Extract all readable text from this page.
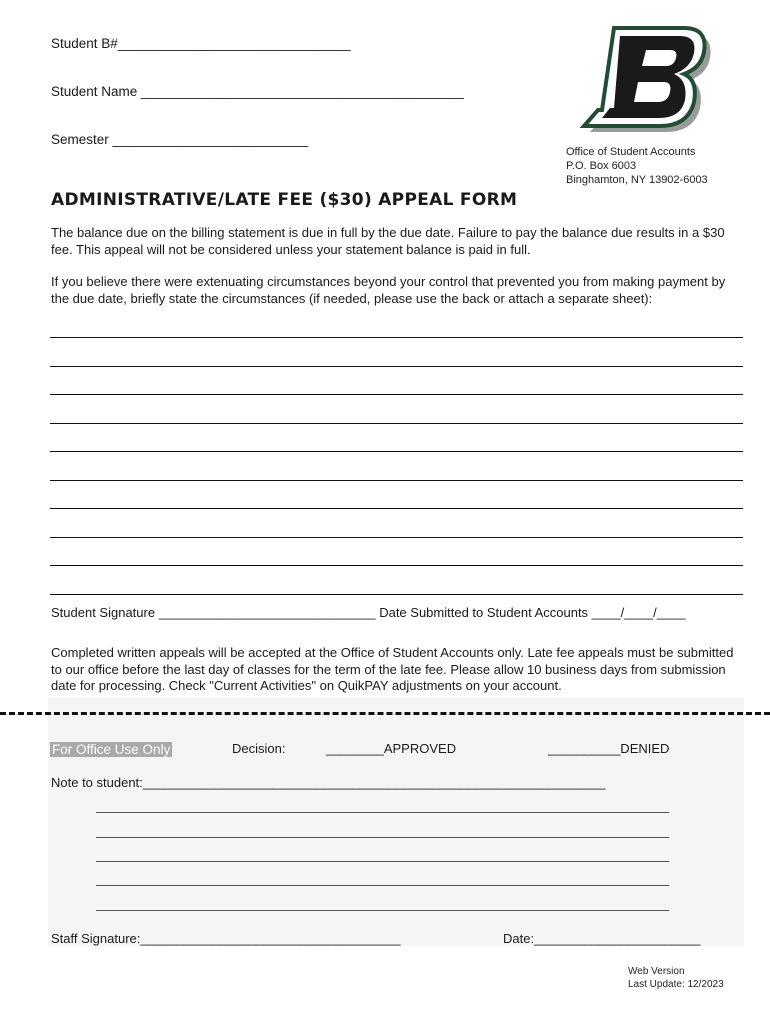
Student B#_______________________________
Student Name ___________________________________________
Semester __________________________
Office of Student Accounts
P.O. Box 6003
Binghamton, NY 13902-6003
ADMINISTRATIVE/LATE FEE ($30) APPEAL FORM
The balance due on the billing statement is due in full by the due date. Failure to pay the balance due results in a $30 fee. This appeal will not be considered unless your statement balance is paid in full.
If you believe there were extenuating circumstances beyond your control that prevented you from making payment by the due date, briefly state the circumstances (if needed, please use the back or attach a separate sheet):
Student Signature ______________________________ Date Submitted to Student Accounts ____/____/____
Completed written appeals will be accepted at the Office of Student Accounts only. Late fee appeals must be submitted to our office before the last day of classes for the term of the late fee. Please allow 10 business days from submission date for processing. Check "Current Activities" on QuikPAY adjustments on your account.
For Office Use Only	Decision:	________APPROVED	__________DENIED
Note to student:________________________________________________________________
Staff Signature:____________________________________	Date:_______________________
Web Version
Last Update: 12/2023
